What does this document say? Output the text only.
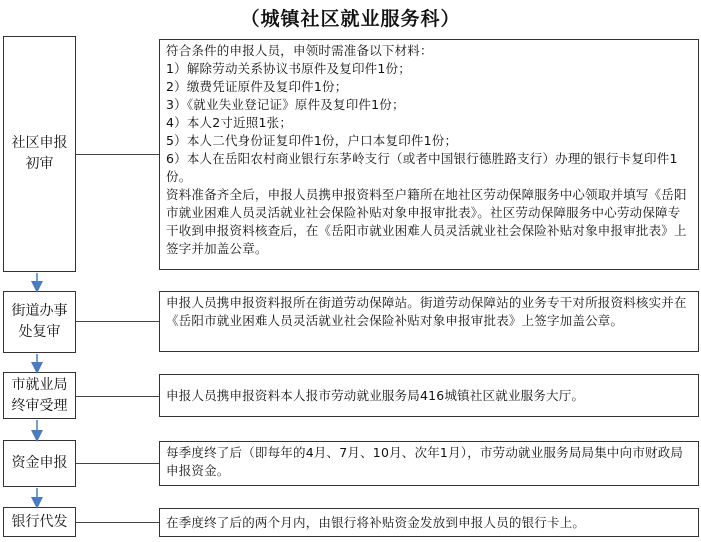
（城镇社区就业服务科）
社区申报初审
符合条件的申报人员，申领时需准备以下材料：
1）解除劳动关系协议书原件及复印件1份；
2）缴费凭证原件及复印件1份；
3）《就业失业登记证》原件及复印件1份；
4）本人2寸近照1张；
5）本人二代身份证复印件1份，户口本复印件1份；
6）本人在岳阳农村商业银行东茅岭支行（或者中国银行德胜路支行）办理的银行卡复印件1份。
资料准备齐全后，申报人员携申报资料至户籍所在地社区劳动保障服务中心领取并填写《岳阳市就业困难人员灵活就业社会保险补贴对象申报审批表》。社区劳动保障服务中心劳动保障专干收到申报资料核查后，在《岳阳市就业困难人员灵活就业社会保险补贴对象申报审批表》上签字并加盖公章。
街道办事处复审
申报人员携申报资料报所在街道劳动保障站。街道劳动保障站的业务专干对所报资料核实并在《岳阳市就业困难人员灵活就业社会保险补贴对象申报审批表》上签字加盖公章。
市就业局终审受理
申报人员携申报资料本人报市劳动就业服务局416城镇社区就业服务大厅。
资金申报
每季度终了后（即每年的4月、7月、10月、次年1月），市劳动就业服务局局集中向市财政局申报资金。
银行代发	在季度终了后的两个月内，由银行将补贴资金发放到申报人员的银行卡上。
